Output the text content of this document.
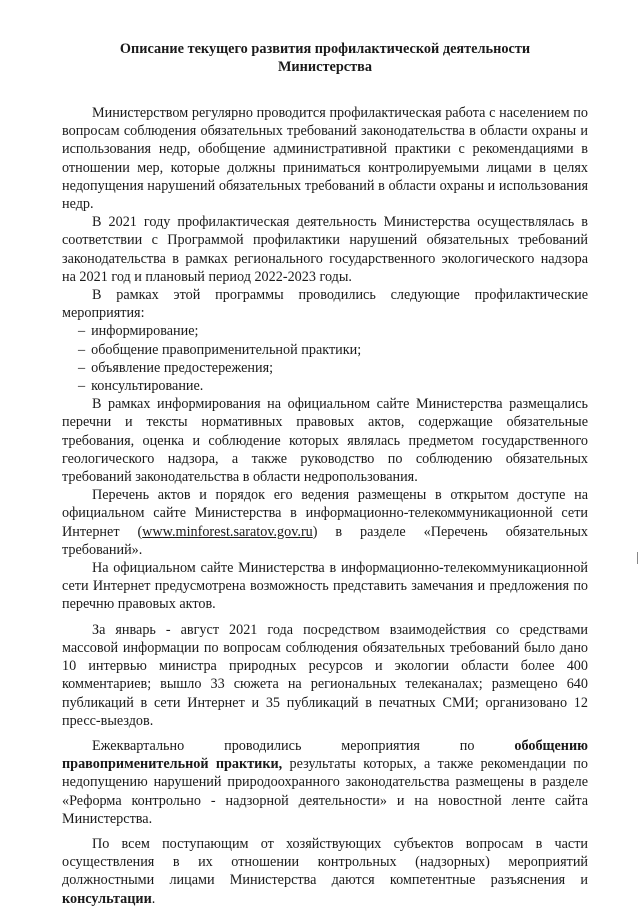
Описание текущего развития профилактической деятельности
Министерства

Министерством регулярно проводится профилактическая работа с населением по вопросам соблюдения обязательных требований законодательства в области охраны и использования недр, обобщение административной практики с рекомендациями в отношении мер, которые должны приниматься контролируемыми лицами в целях недопущения нарушений обязательных требований в области охраны и использования недр.

В 2021 году профилактическая деятельность Министерства осуществлялась в соответствии с Программой профилактики нарушений обязательных требований законодательства в рамках регионального государственного экологического надзора на 2021 год и плановый период 2022-2023 годы.

В рамках этой программы проводились следующие профилактические мероприятия:

– информирование;
– обобщение правоприменительной практики;
– объявление предостережения;
– консультирование.

В рамках информирования на официальном сайте Министерства размещались перечни и тексты нормативных правовых актов, содержащие обязательные требования, оценка и соблюдение которых являлась предметом государственного геологического надзора, а также руководство по соблюдению обязательных требований законодательства в области недропользования.

Перечень актов и порядок его ведения размещены в открытом доступе на официальном сайте Министерства в информационно-телекоммуникационной сети Интернет (www.minforest.saratov.gov.ru) в разделе «Перечень обязательных требований».

На официальном сайте Министерства в информационно-телекоммуникационной сети Интернет предусмотрена возможность представить замечания и предложения по перечню правовых актов.

За январь - август 2021 года посредством взаимодействия со средствами массовой информации по вопросам соблюдения обязательных требований было дано 10 интервью министра природных ресурсов и экологии области более 400 комментариев; вышло 33 сюжета на региональных телеканалах; размещено 640 публикаций в сети Интернет и 35 публикаций в печатных СМИ; организовано 12 пресс-выездов.

Ежеквартально проводились мероприятия по обобщению правоприменительной практики, результаты которых, а также рекомендации по недопущению нарушений природоохранного законодательства размещены в разделе «Реформа контрольно - надзорной деятельности» и на новостной ленте сайта Министерства.

По всем поступающим от хозяйствующих субъектов вопросам в части осуществления в их отношении контрольных (надзорных) мероприятий должностными лицами Министерства даются компетентные разъяснения и консультации.
